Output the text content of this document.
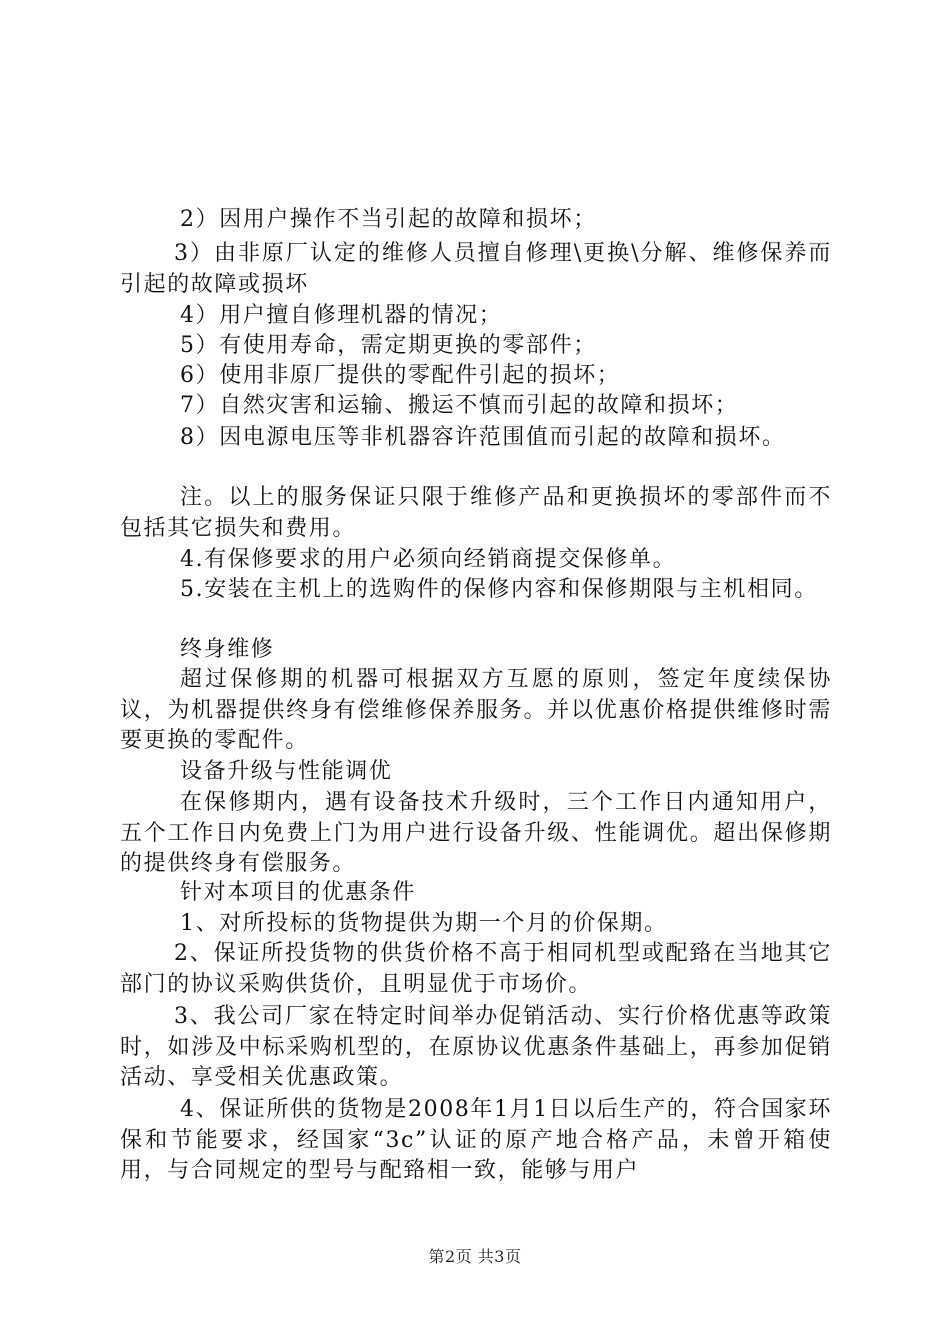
2）因用户操作不当引起的故障和损坏；

3）由非原厂认定的维修人员擅自修理\更换\分解、维修保养而引起的故障或损坏

4）用户擅自修理机器的情况；

5）有使用寿命，需定期更换的零部件；

6）使用非原厂提供的零配件引起的损坏；

7）自然灾害和运输、搬运不慎而引起的故障和损坏；

8）因电源电压等非机器容许范围值而引起的故障和损坏。

注。以上的服务保证只限于维修产品和更换损坏的零部件而不包括其它损失和费用。

4.有保修要求的用户必须向经销商提交保修单。

5.安装在主机上的选购件的保修内容和保修期限与主机相同。

终身维修

超过保修期的机器可根据双方互愿的原则，签定年度续保协议，为机器提供终身有偿维修保养服务。并以优惠价格提供维修时需要更换的零配件。

设备升级与性能调优

在保修期内，遇有设备技术升级时，三个工作日内通知用户，五个工作日内免费上门为用户进行设备升级、性能调优。超出保修期的提供终身有偿服务。

针对本项目的优惠条件

1、对所投标的货物提供为期一个月的价保期。

2、保证所投货物的供货价格不高于相同机型或配臵在当地其它部门的协议采购供货价，且明显优于市场价。

3、我公司厂家在特定时间举办促销活动、实行价格优惠等政策时，如涉及中标采购机型的，在原协议优惠条件基础上，再参加促销活动、享受相关优惠政策。

4、保证所供的货物是2008年1月1日以后生产的，符合国家环保和节能要求，经国家“3c”认证的原产地合格产品，未曾开箱使用，与合同规定的型号与配臵相一致，能够与用户

第2页 共3页
